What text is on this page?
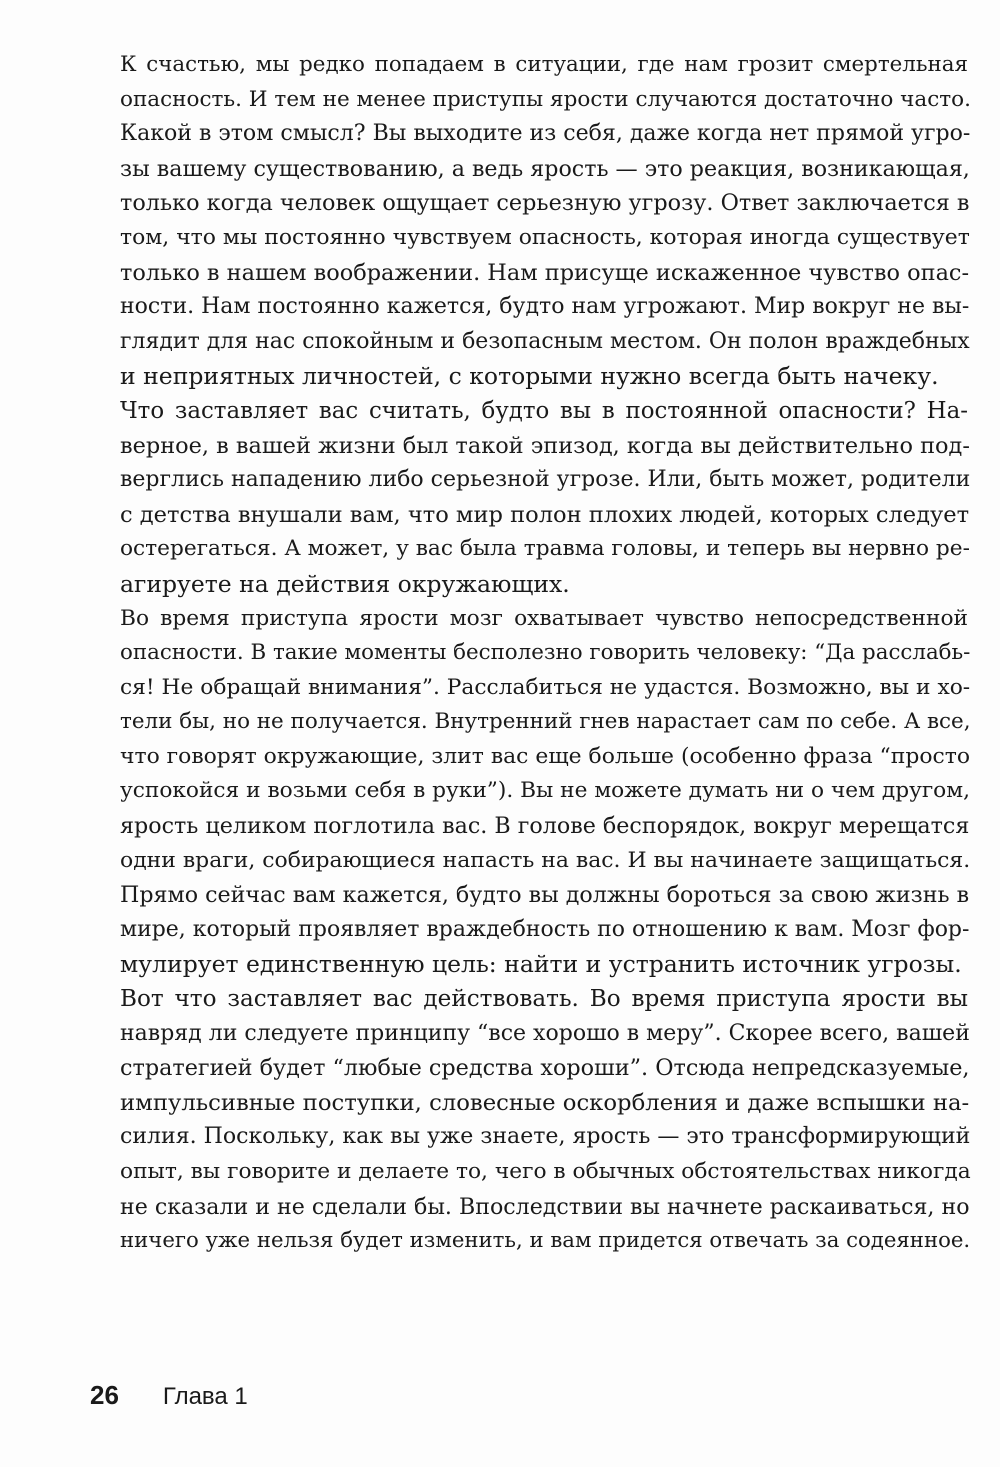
К счастью, мы редко попадаем в ситуации, где нам грозит смертельная
опасность. И тем не менее приступы ярости случаются достаточно часто.
Какой в этом смысл? Вы выходите из себя, даже когда нет прямой угро-
зы вашему существованию, а ведь ярость — это реакция, возникающая,
только когда человек ощущает серьезную угрозу. Ответ заключается в
том, что мы постоянно чувствуем опасность, которая иногда существует
только в нашем воображении. Нам присуще искаженное чувство опас-
ности. Нам постоянно кажется, будто нам угрожают. Мир вокруг не вы-
глядит для нас спокойным и безопасным местом. Он полон враждебных
и неприятных личностей, с которыми нужно всегда быть начеку.
Что заставляет вас считать, будто вы в постоянной опасности? На-
верное, в вашей жизни был такой эпизод, когда вы действительно под-
верглись нападению либо серьезной угрозе. Или, быть может, родители
с детства внушали вам, что мир полон плохих людей, которых следует
остерегаться. А может, у вас была травма головы, и теперь вы нервно ре-
агируете на действия окружающих.
Во время приступа ярости мозг охватывает чувство непосредственной
опасности. В такие моменты бесполезно говорить человеку: “Да расслабь-
ся! Не обращай внимания”. Расслабиться не удастся. Возможно, вы и хо-
тели бы, но не получается. Внутренний гнев нарастает сам по себе. А все,
что говорят окружающие, злит вас еще больше (особенно фраза “просто
успокойся и возьми себя в руки”). Вы не можете думать ни о чем другом,
ярость целиком поглотила вас. В голове беспорядок, вокруг мерещатся
одни враги, собирающиеся напасть на вас. И вы начинаете защищаться.
Прямо сейчас вам кажется, будто вы должны бороться за свою жизнь в
мире, который проявляет враждебность по отношению к вам. Мозг фор-
мулирует единственную цель: найти и устранить источник угрозы.
Вот что заставляет вас действовать. Во время приступа ярости вы
навряд ли следуете принципу “все хорошо в меру”. Скорее всего, вашей
стратегией будет “любые средства хороши”. Отсюда непредсказуемые,
импульсивные поступки, словесные оскорбления и даже вспышки на-
силия. Поскольку, как вы уже знаете, ярость — это трансформирующий
опыт, вы говорите и делаете то, чего в обычных обстоятельствах никогда
не сказали и не сделали бы. Впоследствии вы начнете раскаиваться, но
ничего уже нельзя будет изменить, и вам придется отвечать за содеянное.
26 Глава 1
